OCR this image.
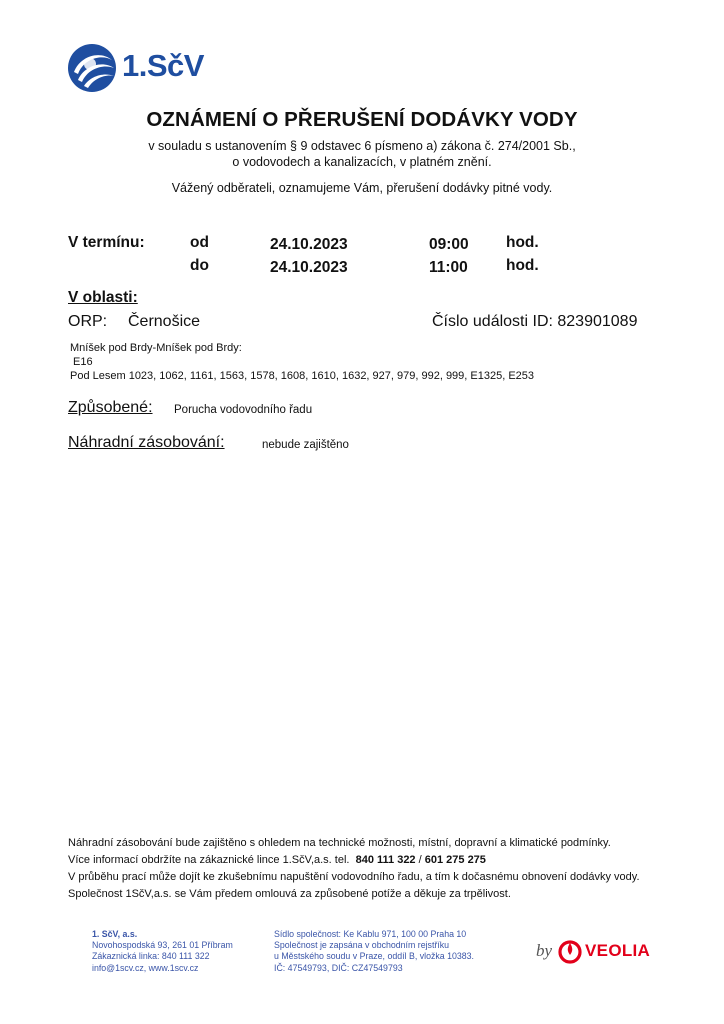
1.SčV
OZNÁMENÍ O PŘERUŠENÍ DODÁVKY VODY
v souladu s ustanovením § 9 odstavec 6 písmeno a) zákona č. 274/2001 Sb.,
o vodovodech a kanalizacích, v platném znění.
Vážený odběrateli, oznamujeme Vám, přerušení dodávky pitné vody.
V termínu:	od	24.10.2023	09:00 hod.
do	24.10.2023	11:00 hod.
V oblasti:
ORP: Černošice	Číslo události ID: 823901089
Mníšek pod Brdy-Mníšek pod Brdy:
E16
Pod Lesem 1023, 1062, 1161, 1563, 1578, 1608, 1610, 1632, 927, 979, 992, 999, E1325, E253
Způsobené: Porucha vodovodního řadu
Náhradní zásobování:	nebude zajištěno
Náhradní zásobování bude zajištěno s ohledem na technické možnosti, místní, dopravní a klimatické podmínky.
Více informací obdržíte na zákaznické lince 1.SčV,a.s. tel. 840 111 322 / 601 275 275
V průběhu prací může dojít ke zkušebnímu napuštění vodovodního řadu, a tím k dočasnému obnovení dodávky vody.
Společnost 1SčV,a.s. se Vám předem omlouvá za způsobené potíže a děkuje za trpělivost.
1. SčV, a.s.
Novohospodská 93, 261 01 Příbram
Zákaznická linka: 840 111 322
info@1scv.cz, www.1scv.cz
Sídlo společnost: Ke Kablu 971, 100 00 Praha 10
Společnost je zapsána v obchodním rejstříku
u Městského soudu v Praze, oddíl B, vložka 10383.
IČ: 47549793, DIČ: CZ47549793
by VEOLIA
